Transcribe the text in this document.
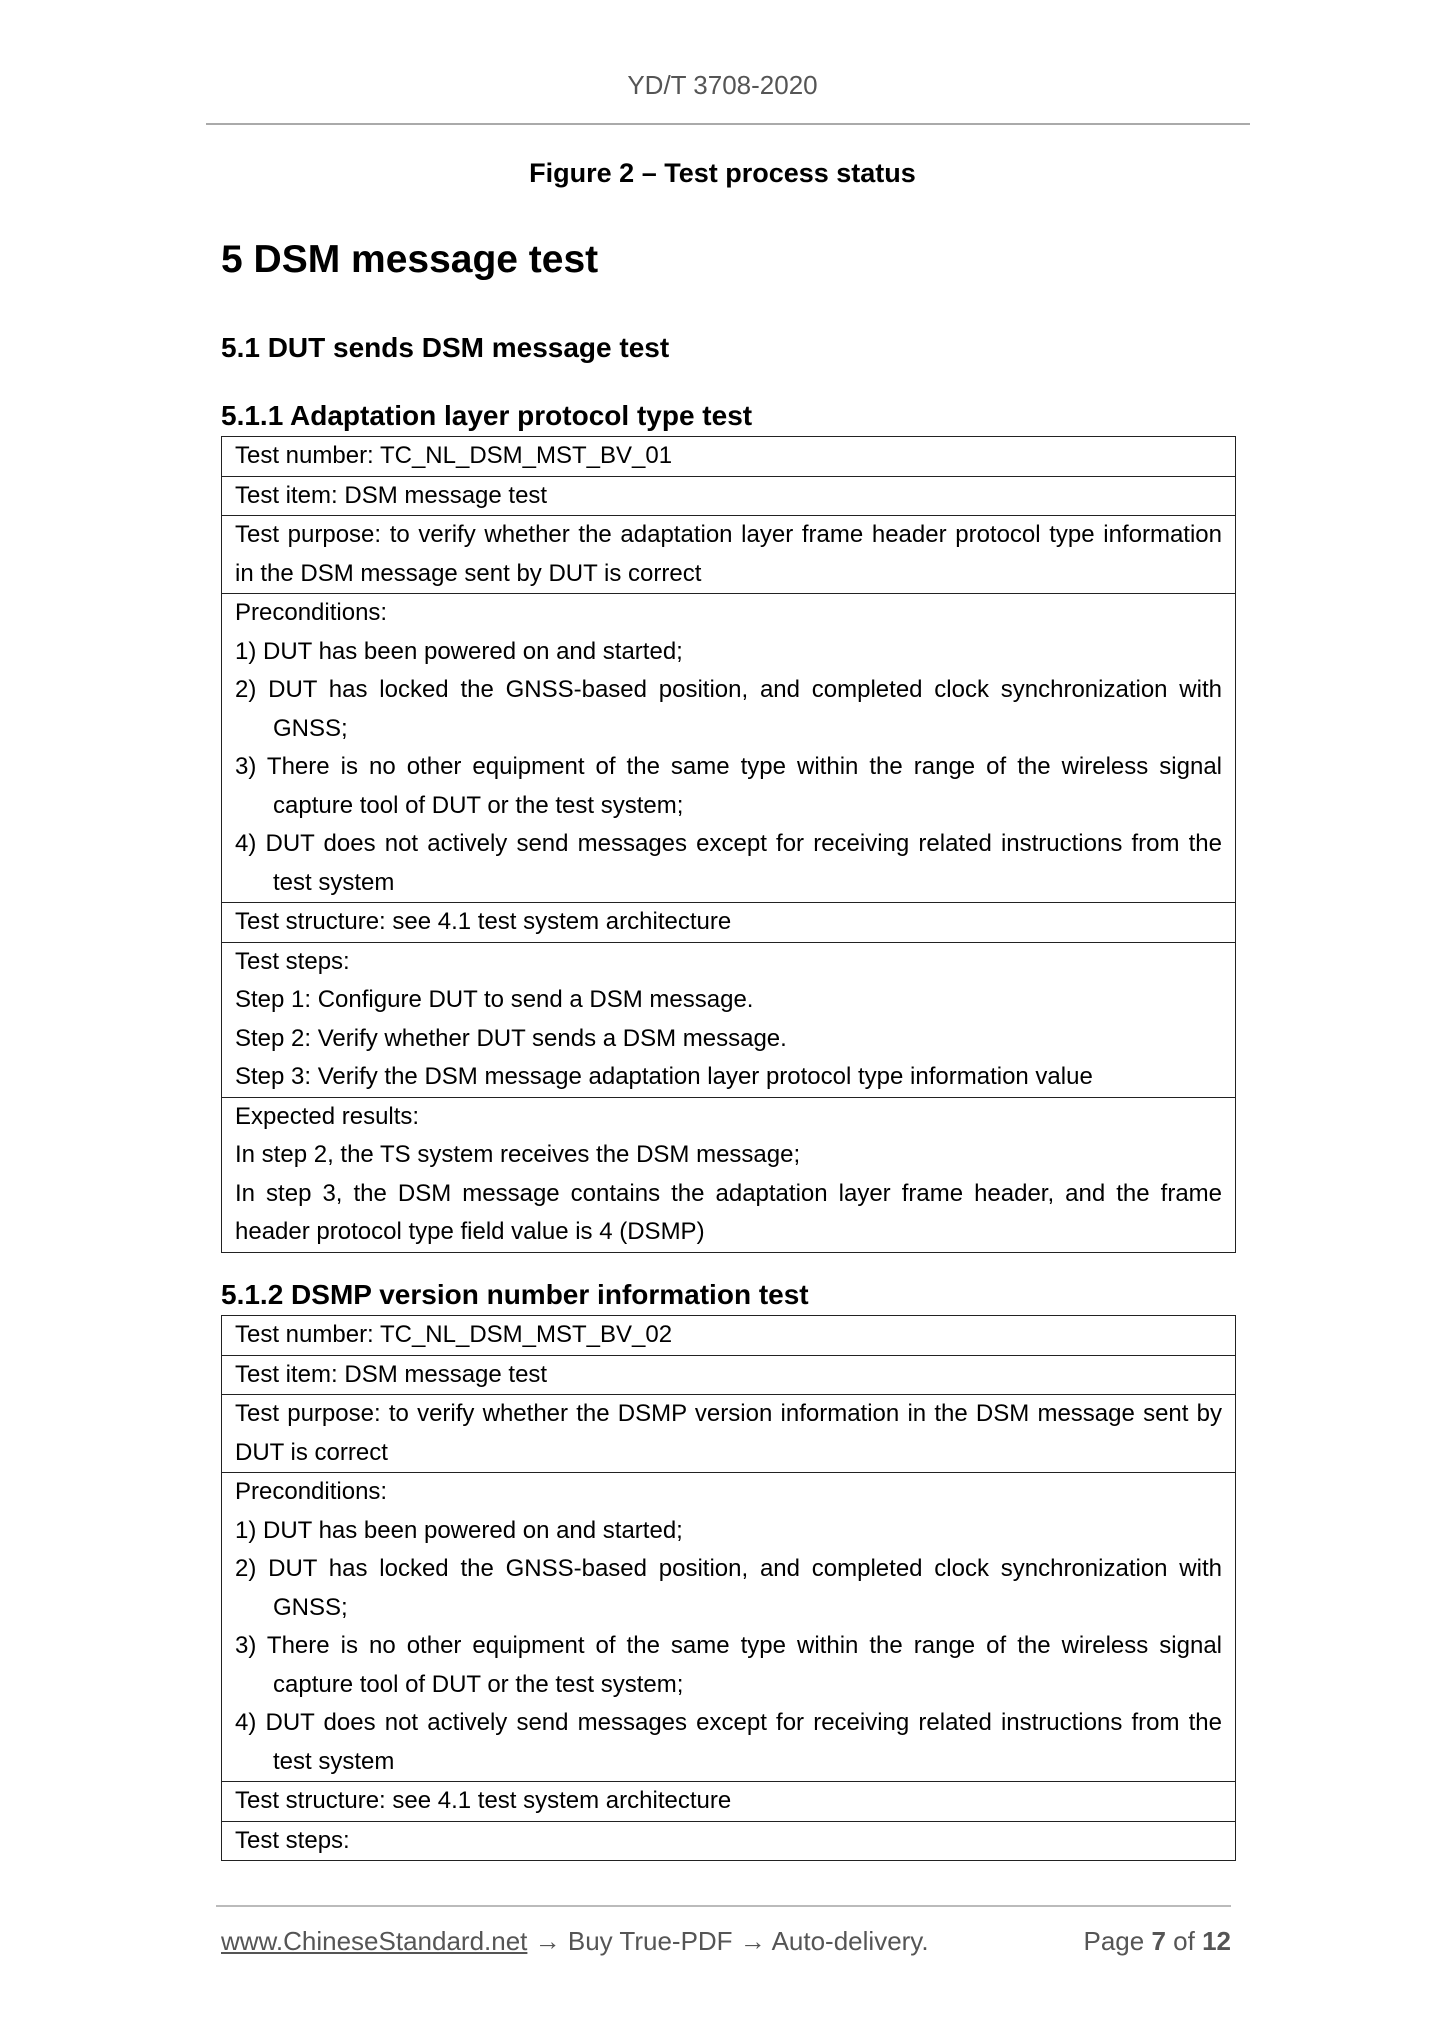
YD/T 3708-2020
Figure 2 – Test process status
5 DSM message test
5.1 DUT sends DSM message test
5.1.1 Adaptation layer protocol type test
Test number: TC_NL_DSM_MST_BV_01
Test item: DSM message test
Test purpose: to verify whether the adaptation layer frame header protocol type information in the DSM message sent by DUT is correct

Preconditions:
1) DUT has been powered on and started;
2) DUT has locked the GNSS-based position, and completed clock synchronization with GNSS;
3) There is no other equipment of the same type within the range of the wireless signal capture tool of DUT or the test system;
4) DUT does not actively send messages except for receiving related instructions from the test system

Test structure: see 4.1 test system architecture

Test steps:
Step 1: Configure DUT to send a DSM message.
Step 2: Verify whether DUT sends a DSM message.
Step 3: Verify the DSM message adaptation layer protocol type information value

Expected results:
In step 2, the TS system receives the DSM message;
In step 3, the DSM message contains the adaptation layer frame header, and the frame header protocol type field value is 4 (DSMP)
5.1.2 DSMP version number information test
Test number: TC_NL_DSM_MST_BV_02
Test item: DSM message test
Test purpose: to verify whether the DSMP version information in the DSM message sent by DUT is correct

Preconditions:
1) DUT has been powered on and started;
2) DUT has locked the GNSS-based position, and completed clock synchronization with GNSS;
3) There is no other equipment of the same type within the range of the wireless signal capture tool of DUT or the test system;
4) DUT does not actively send messages except for receiving related instructions from the test system

Test structure: see 4.1 test system architecture
Test steps:
www.ChineseStandard.net → Buy True-PDF → Auto-delivery.	Page 7 of 12
